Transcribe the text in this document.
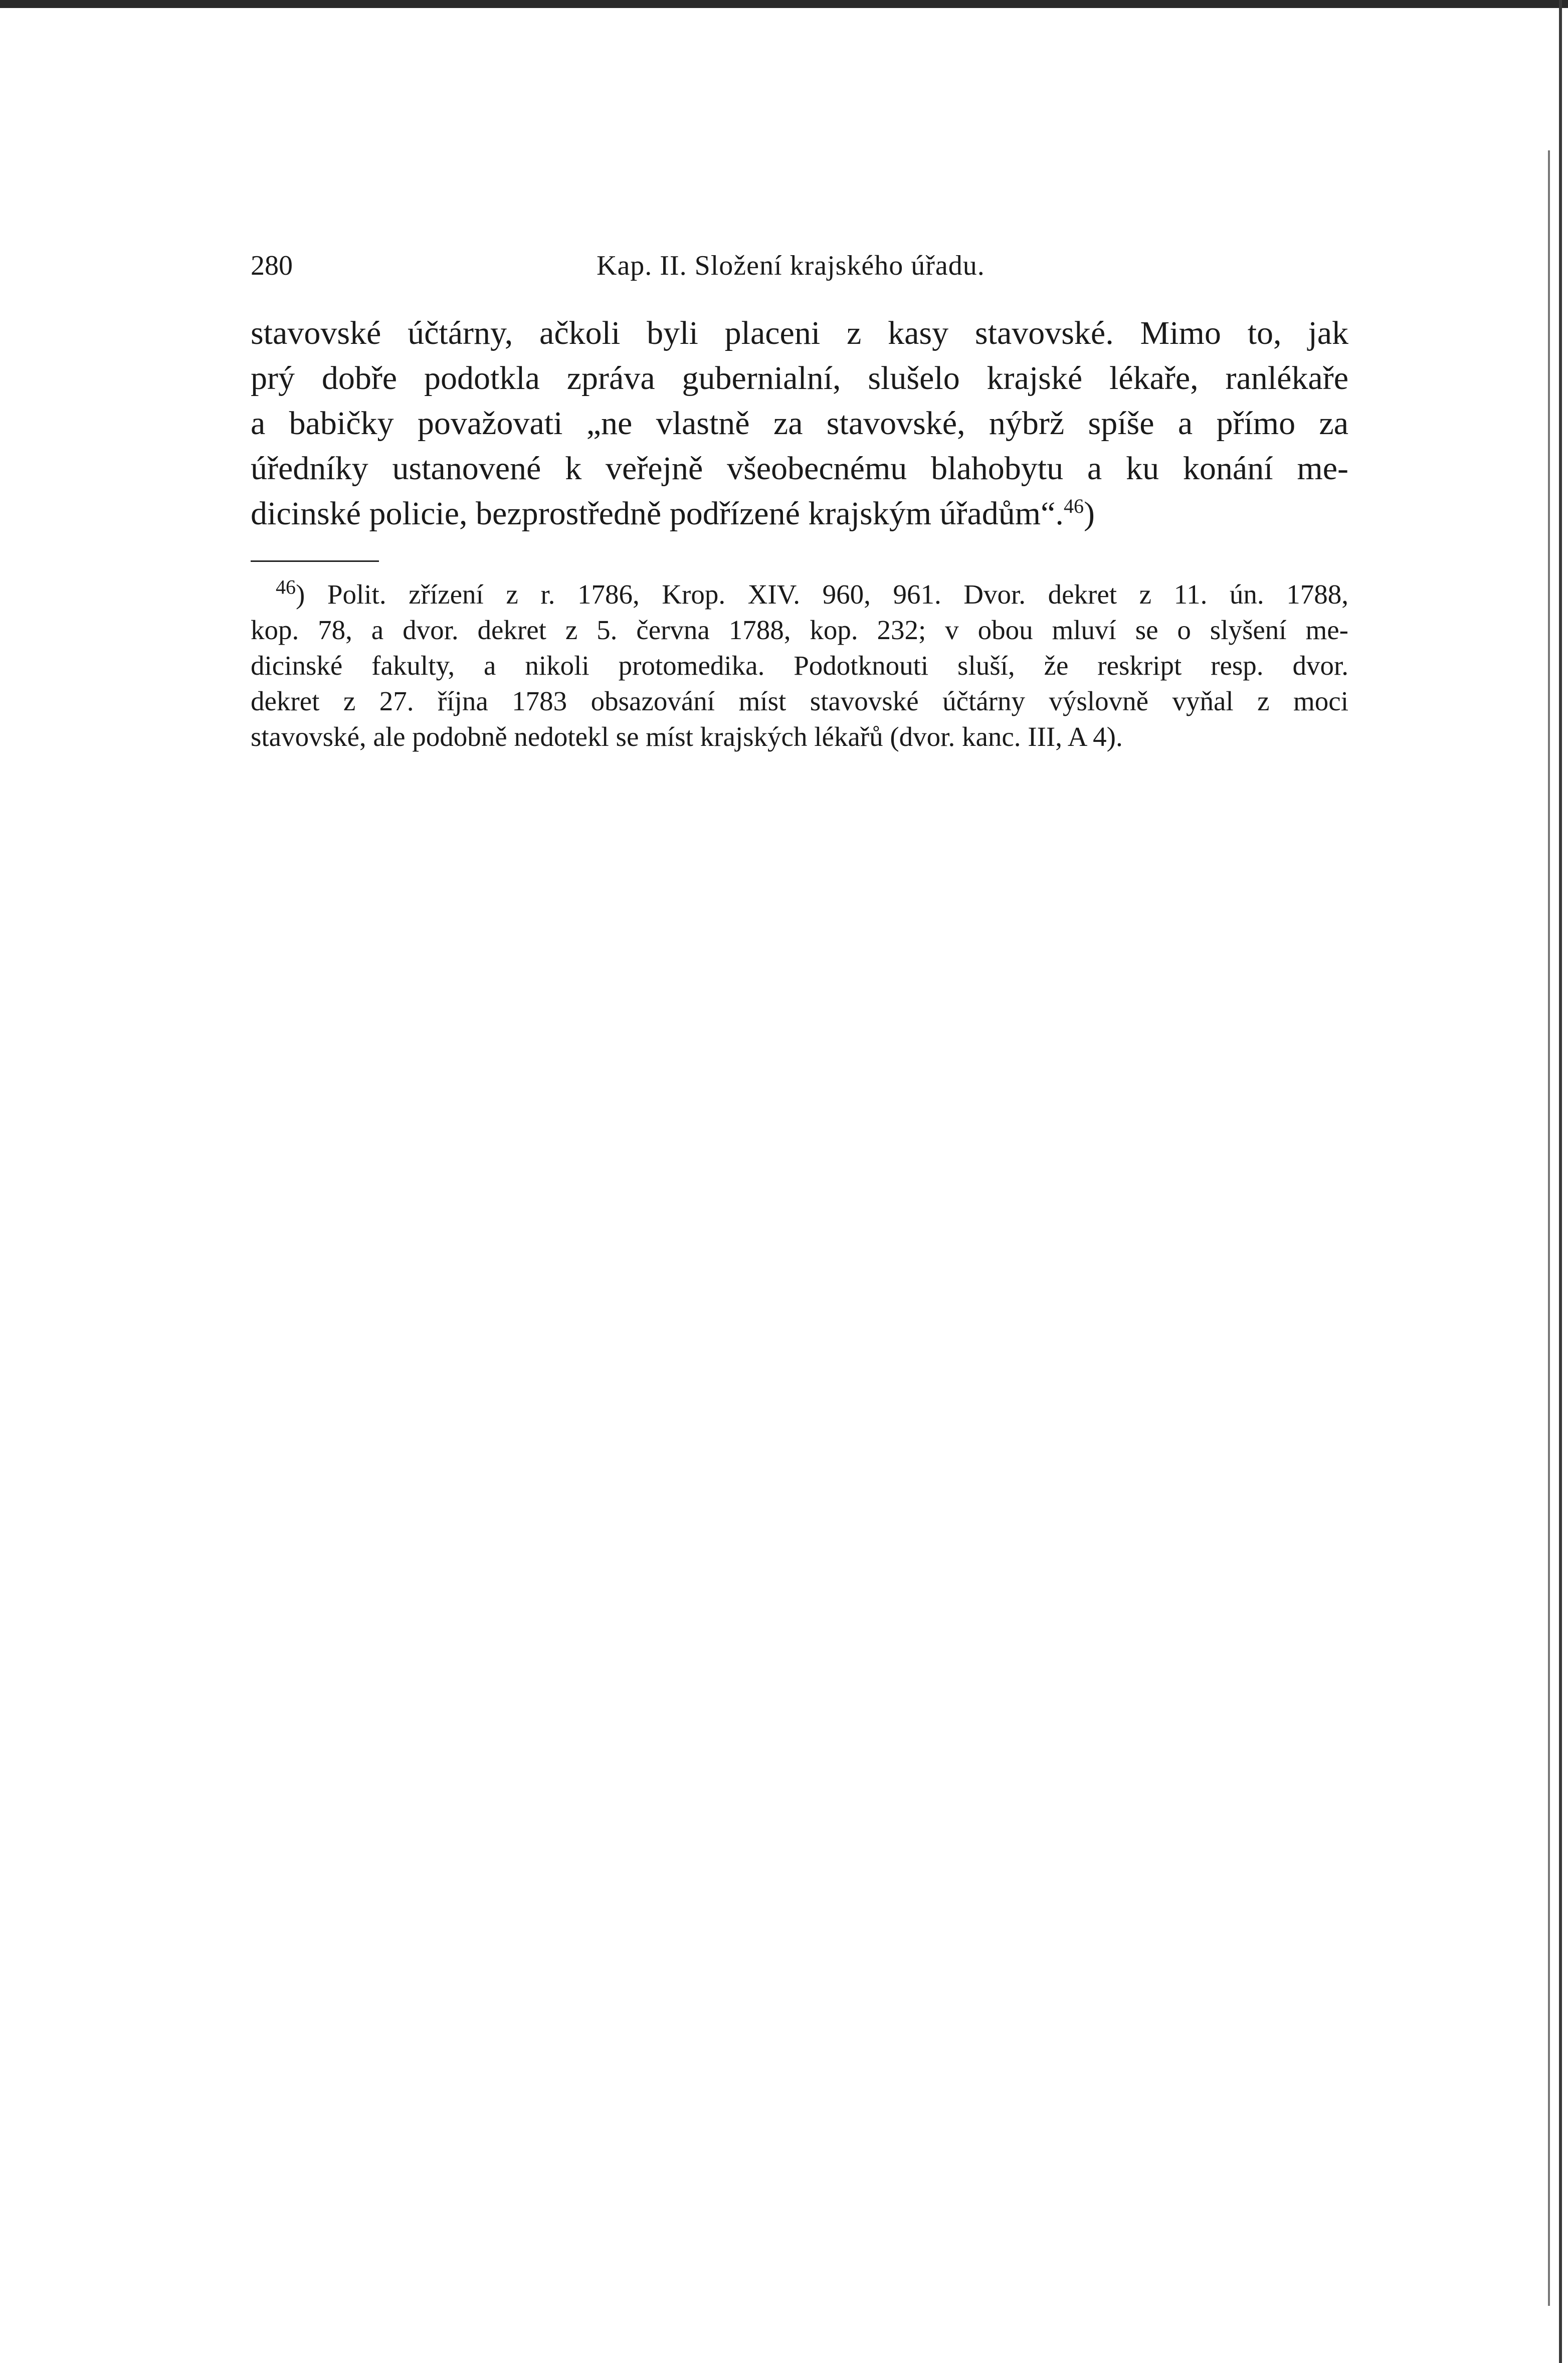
280	Kap. II. Složení krajského úřadu.
stavovské účtárny, ačkoli byli placeni z kasy stavovské. Mimo to, jak
prý dobře podotkla zpráva gubernialní, slušelo krajské lékaře, ranlékaře
a babičky považovati „ne vlastně za stavovské, nýbrž spíše a přímo za
úředníky ustanovené k veřejně všeobecnému blahobytu a ku konání me-
dicinské policie, bezprostředně podřízené krajským úřadům“.$^{46}$)
$^{46}$) Polit. zřízení z r. 1786, Krop. XIV. 960, 961. Dvor. dekret z 11. ún. 1788,
kop. 78, a dvor. dekret z 5. června 1788, kop. 232; v obou mluví se o slyšení me-
dicinské fakulty, a nikoli protomedika. Podotknouti sluší, že reskript resp. dvor.
dekret z 27. října 1783 obsazování míst stavovské účtárny výslovně vyňal z moci
stavovské, ale podobně nedotekl se míst krajských lékařů (dvor. kanc. III, A 4).
